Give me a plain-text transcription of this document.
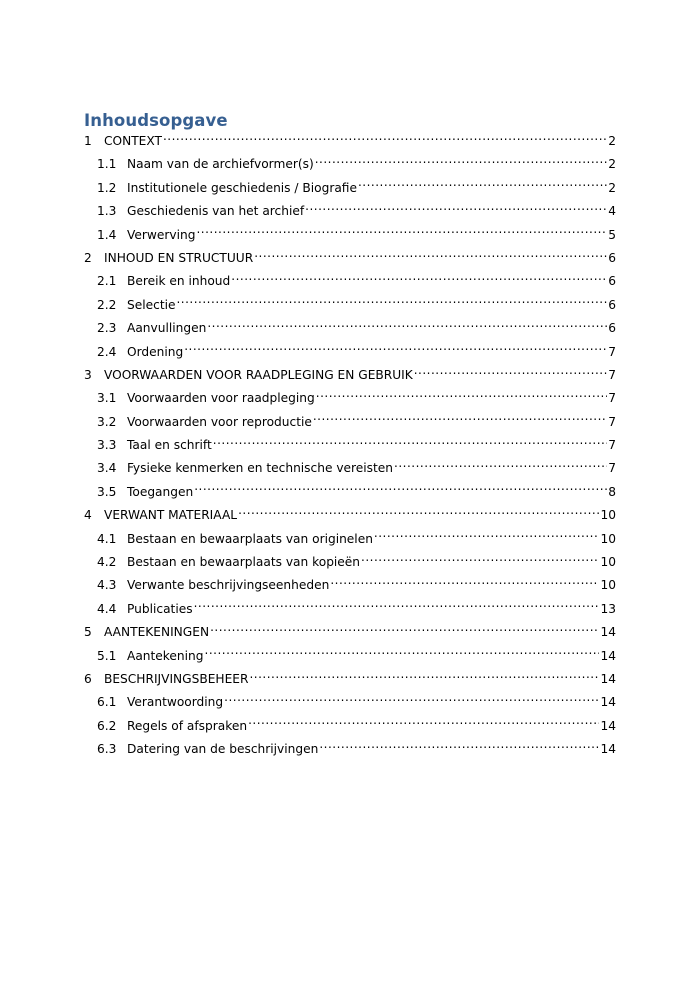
Inhoudsopgave
1	CONTEXT .....	2
1.1 Naam van de archiefvormer(s) .....	2
1.2 Institutionele geschiedenis / Biografie .....	2
1.3 Geschiedenis van het archief .....	4
1.4 Verwerving .....	5
2	INHOUD EN STRUCTUUR .....	6
2.1 Bereik en inhoud .....	6
2.2 Selectie .....	6
2.3 Aanvullingen .....	6
2.4 Ordening .....	7
3	VOORWAARDEN VOOR RAADPLEGING EN GEBRUIK .....	7
3.1 Voorwaarden voor raadpleging .....	7
3.2 Voorwaarden voor reproductie .....	7
3.3 Taal en schrift .....	7
3.4 Fysieke kenmerken en technische vereisten .....	7
3.5 Toegangen .....	8
4	VERWANT MATERIAAL .....	10
4.1 Bestaan en bewaarplaats van originelen .....	10
4.2 Bestaan en bewaarplaats van kopieën .....	10
4.3 Verwante beschrijvingseenheden .....	10
4.4 Publicaties .....	13
5	AANTEKENINGEN .....	14
5.1 Aantekening .....	14
6	BESCHRIJVINGSBEHEER .....	14
6.1 Verantwoording .....	14
6.2 Regels of afspraken .....	14
6.3 Datering van de beschrijvingen .....	14
